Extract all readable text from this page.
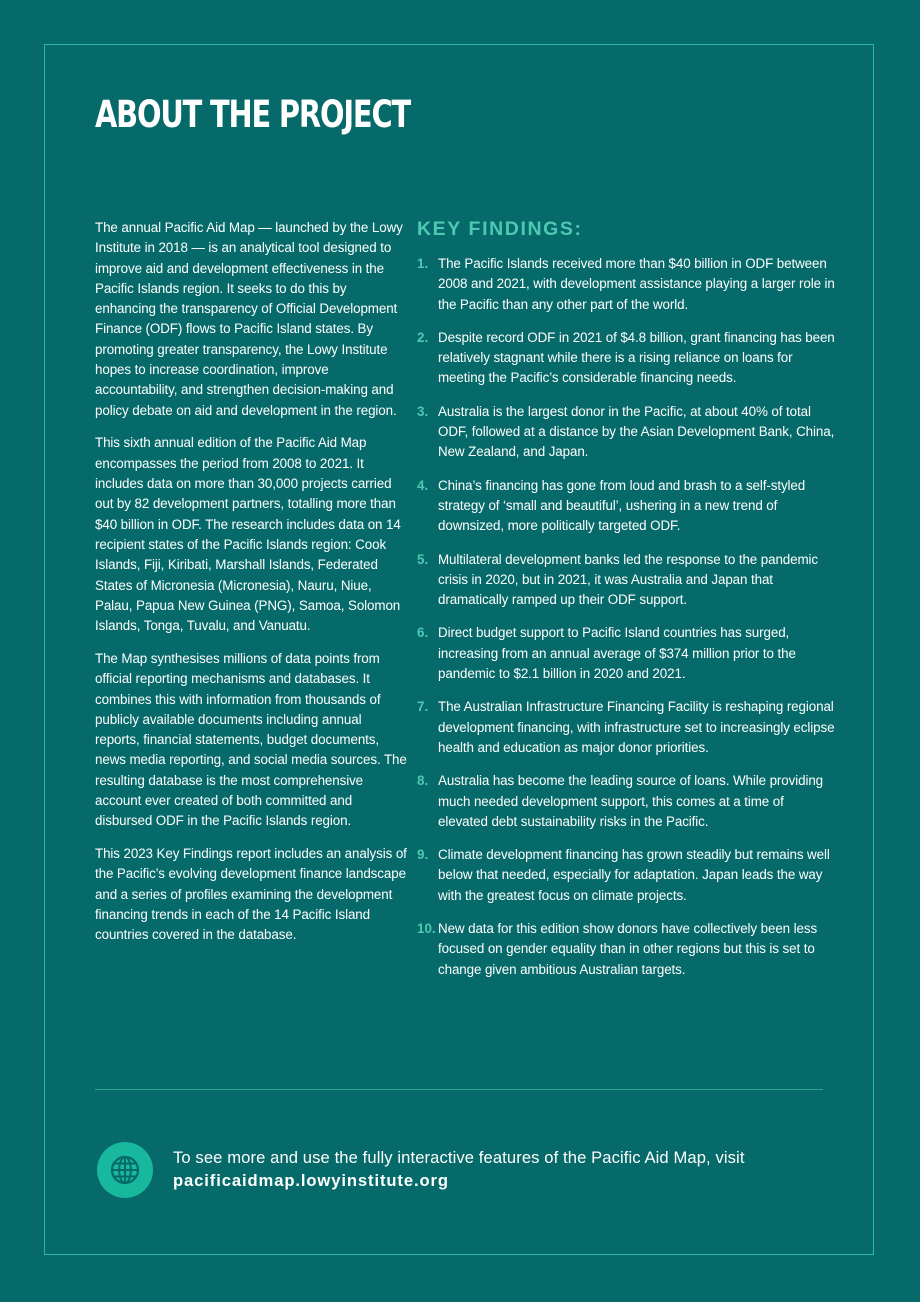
ABOUT THE PROJECT

The annual Pacific Aid Map — launched by the Lowy Institute in 2018 — is an analytical tool designed to improve aid and development effectiveness in the Pacific Islands region. It seeks to do this by enhancing the transparency of Official Development Finance (ODF) flows to Pacific Island states. By promoting greater transparency, the Lowy Institute hopes to increase coordination, improve accountability, and strengthen decision-making and policy debate on aid and development in the region.

This sixth annual edition of the Pacific Aid Map encompasses the period from 2008 to 2021. It includes data on more than 30,000 projects carried out by 82 development partners, totalling more than $40 billion in ODF. The research includes data on 14 recipient states of the Pacific Islands region: Cook Islands, Fiji, Kiribati, Marshall Islands, Federated States of Micronesia (Micronesia), Nauru, Niue, Palau, Papua New Guinea (PNG), Samoa, Solomon Islands, Tonga, Tuvalu, and Vanuatu.

The Map synthesises millions of data points from official reporting mechanisms and databases. It combines this with information from thousands of publicly available documents including annual reports, financial statements, budget documents, news media reporting, and social media sources. The resulting database is the most comprehensive account ever created of both committed and disbursed ODF in the Pacific Islands region.

This 2023 Key Findings report includes an analysis of the Pacific’s evolving development finance landscape and a series of profiles examining the development financing trends in each of the 14 Pacific Island countries covered in the database.

KEY FINDINGS:
1. The Pacific Islands received more than $40 billion in ODF between 2008 and 2021, with development assistance playing a larger role in the Pacific than any other part of the world.
2. Despite record ODF in 2021 of $4.8 billion, grant financing has been relatively stagnant while there is a rising reliance on loans for meeting the Pacific’s considerable financing needs.
3. Australia is the largest donor in the Pacific, at about 40% of total ODF, followed at a distance by the Asian Development Bank, China, New Zealand, and Japan.
4. China’s financing has gone from loud and brash to a self-styled strategy of ‘small and beautiful’, ushering in a new trend of downsized, more politically targeted ODF.
5. Multilateral development banks led the response to the pandemic crisis in 2020, but in 2021, it was Australia and Japan that dramatically ramped up their ODF support.
6. Direct budget support to Pacific Island countries has surged, increasing from an annual average of $374 million prior to the pandemic to $2.1 billion in 2020 and 2021.
7. The Australian Infrastructure Financing Facility is reshaping regional development financing, with infrastructure set to increasingly eclipse health and education as major donor priorities.
8. Australia has become the leading source of loans. While providing much needed development support, this comes at a time of elevated debt sustainability risks in the Pacific.
9. Climate development financing has grown steadily but remains well below that needed, especially for adaptation. Japan leads the way with the greatest focus on climate projects.
10. New data for this edition show donors have collectively been less focused on gender equality than in other regions but this is set to change given ambitious Australian targets.
To see more and use the fully interactive features of the Pacific Aid Map, visit
pacificaidmap.lowyinstitute.org
